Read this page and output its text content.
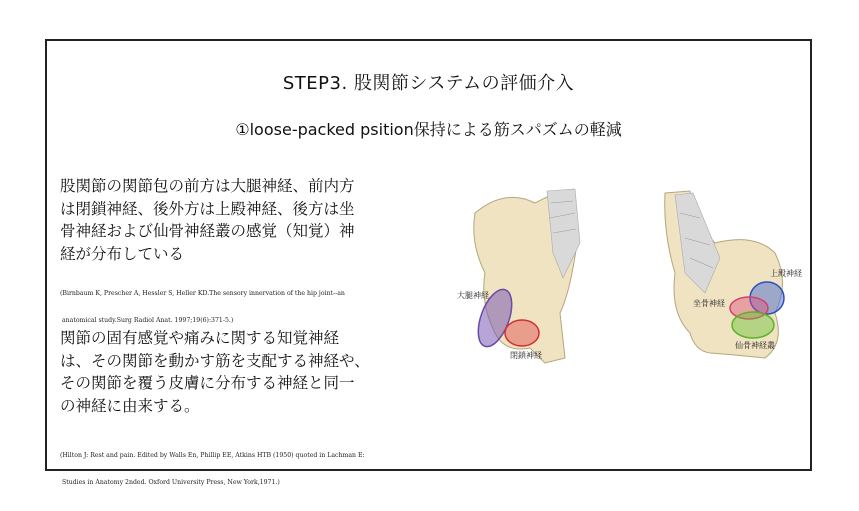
STEP3. 股関節システムの評価介入
①loose-packed psition保持による筋スパズムの軽減
股関節の関節包の前方は大腿神経、前内方
は閉鎖神経、後外方は上殿神経、後方は坐
骨神経および仙骨神経叢の感覚（知覚）神
経が分布している

(Birnbaum K, Prescher A, Hessler S, Heller KD.The sensory innervation of the hip joint--an

anatomical study.Surg Radiol Anat. 1997;19(6):371-5.)

関節の固有感覚や痛みに関する知覚神経
は、その関節を動かす筋を支配する神経や、
その関節を覆う皮膚に分布する神経と同一
の神経に由来する。

(Hilton J: Rest and pain. Edited by Walls En, Phillip EE, Atkins HTB (1950) quoted in Lachman E:

Studies in Anatomy 2nded. Oxford University Press, New York,1971.)

大腿神経
閉鎖神経
上殿神経
坐骨神経
仙骨神経叢
